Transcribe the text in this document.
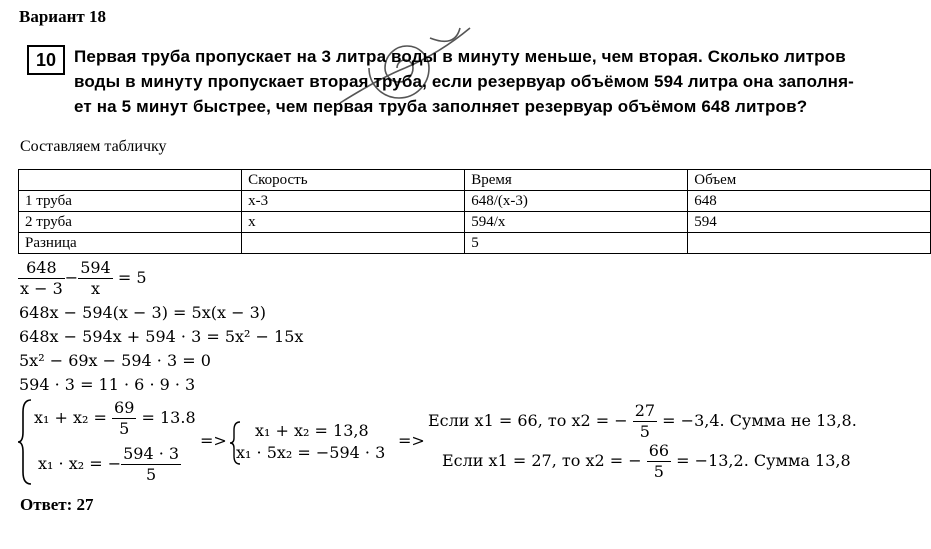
Вариант 18
10	Первая труба пропускает на 3 литра воды в минуту меньше, чем вторая. Сколько литров
воды в минуту пропускает вторая труба, если резервуар объёмом 594 литра она заполня-
ет на 5 минут быстрее, чем первая труба заполняет резервуар объёмом 648 литров?
Составляем табличку
	Скорость	Время	Объем
1 труба	x-3	648/(x-3)	648
2 труба	x	594/x	594
Разница		5	
$\frac{648}{x - 3} - \frac{594}{x} = 5$
648x − 594(x − 3) = 5x(x − 3)
648x − 594x + 594 · 3 = 5x² − 15x
5x² − 69x − 594 · 3 = 0
594 · 3 = 11 · 6 · 9 · 3
$x_1 + x_2 = \frac{69}{5} = 13.8$
x₁ · x₂ = − $\frac{594 \cdot 3}{5}$
=>
x₁ + x₂ = 13,8
x₁ · 5x₂ = −594 · 3
=>
Если x1 = 66, то x2 = − $\frac{27}{5} = -3,4$. Сумма не 13,8.
Если x1 = 27, то x2 = − $\frac{66}{5} = -13,2$. Сумма 13,8
Ответ: 27
